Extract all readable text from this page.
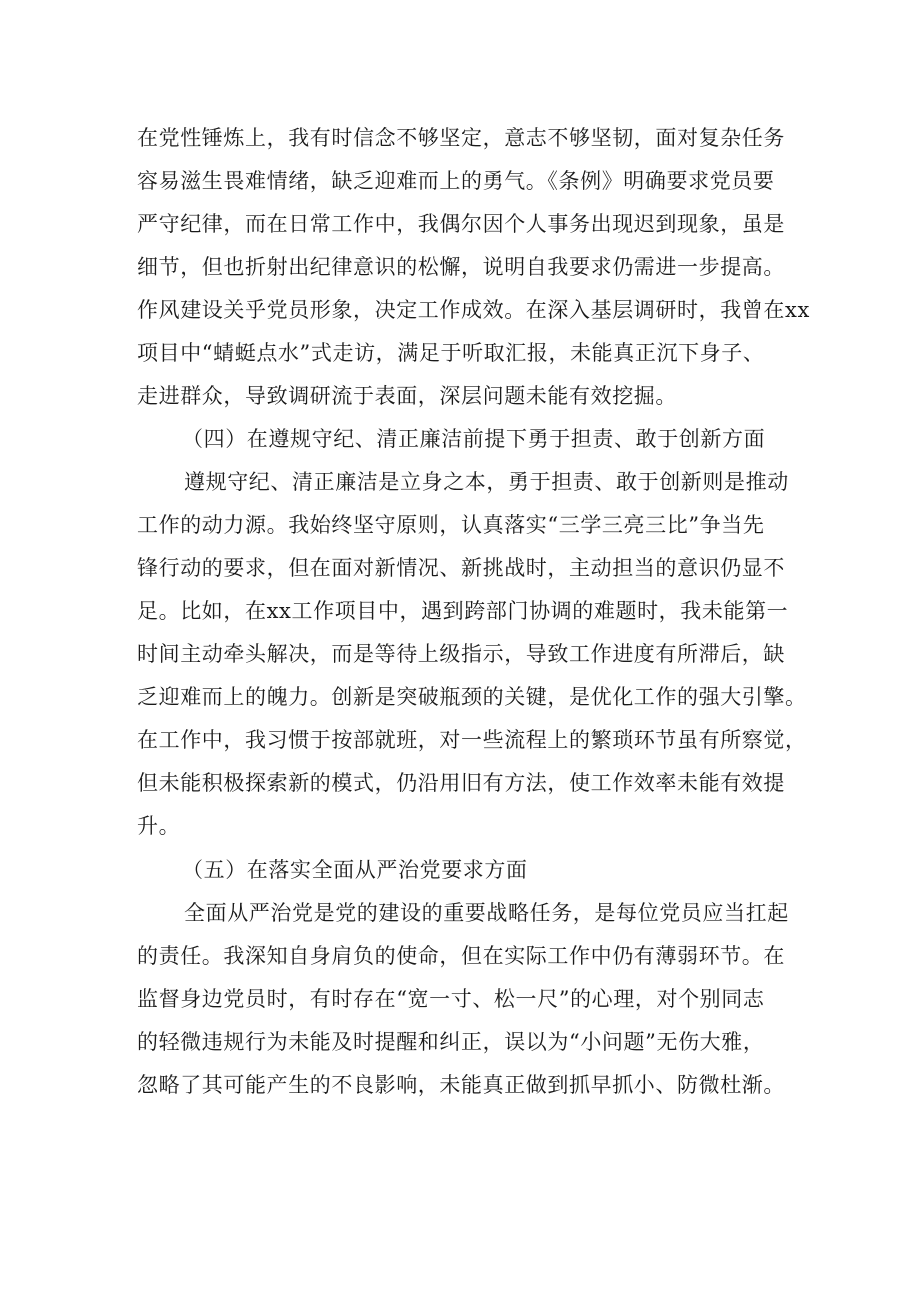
在党性锤炼上，我有时信念不够坚定，意志不够坚韧，面对复杂任务
容易滋生畏难情绪，缺乏迎难而上的勇气。《条例》明确要求党员要
严守纪律，而在日常工作中，我偶尔因个人事务出现迟到现象，虽是
细节，但也折射出纪律意识的松懈，说明自我要求仍需进一步提高。
作风建设关乎党员形象，决定工作成效。在深入基层调研时，我曾在xx
项目中“蜻蜓点水”式走访，满足于听取汇报，未能真正沉下身子、
走进群众，导致调研流于表面，深层问题未能有效挖掘。
（四）在遵规守纪、清正廉洁前提下勇于担责、敢于创新方面
遵规守纪、清正廉洁是立身之本，勇于担责、敢于创新则是推动
工作的动力源。我始终坚守原则，认真落实“三学三亮三比”争当先
锋行动的要求，但在面对新情况、新挑战时，主动担当的意识仍显不
足。比如，在xx工作项目中，遇到跨部门协调的难题时，我未能第一
时间主动牵头解决，而是等待上级指示，导致工作进度有所滞后，缺
乏迎难而上的魄力。创新是突破瓶颈的关键，是优化工作的强大引擎。
在工作中，我习惯于按部就班，对一些流程上的繁琐环节虽有所察觉，
但未能积极探索新的模式，仍沿用旧有方法，使工作效率未能有效提
升。
（五）在落实全面从严治党要求方面
全面从严治党是党的建设的重要战略任务，是每位党员应当扛起
的责任。我深知自身肩负的使命，但在实际工作中仍有薄弱环节。在
监督身边党员时，有时存在“宽一寸、松一尺”的心理，对个别同志
的轻微违规行为未能及时提醒和纠正，误以为“小问题”无伤大雅，
忽略了其可能产生的不良影响，未能真正做到抓早抓小、防微杜渐。
